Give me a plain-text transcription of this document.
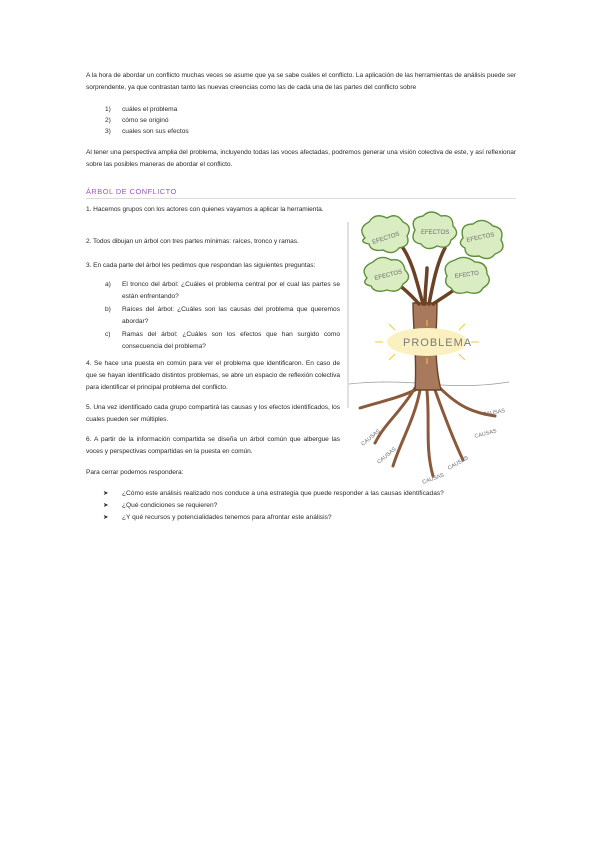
A la hora de abordar un conflicto muchas veces se asume que ya se sabe cuáles el conflicto. La aplicación de las herramientas de análisis puede ser sorprendente, ya que contrastan tanto las nuevas creencias como las de cada una de las partes del conflicto sobre
1)	cuáles el problema
2)	cómo se originó
3)	cuales son sus efectos
Al tener una perspectiva amplia del problema, incluyendo todas las voces afectadas, podremos generar una visión colectiva de este, y así reflexionar sobre las posibles maneras de abordar el conflicto.
ÁRBOL DE CONFLICTO
1. Hacemos grupos con los actores con quienes vayamos a aplicar la herramienta.
2. Todos dibujan un árbol con tres partes mínimas: raíces, tronco y ramas.
3. En cada parte del árbol les pedimos que respondan las siguientes preguntas:
a)	El tronco del árbol: ¿Cuáles el problema central por el cual las partes se están enfrentando?
b)	Raíces del árbol: ¿Cuáles son las causas del problema que queremos abordar?
c)	Ramas del árbol: ¿Cuáles son los efectos que han surgido como consecuencia del problema?
4. Se hace una puesta en común para ver el problema que identificaron. En caso de que se hayan identificado distintos problemas, se abre un espacio de reflexión colectiva para identificar el principal problema del conflicto.
5. Una vez identificado cada grupo compartirá las causas y los efectos identificados, los cuales pueden ser múltiples.
6. A partir de la información compartida se diseña un árbol común que albergue las voces y perspectivas compartidas en la puesta en común.
Para cerrar podemos respondera:
➤	¿Cómo este análisis realizado nos conduce a una estrategia que puede responder a las causas identificadas?
➤	¿Qué condiciones se requieren?
➤	¿Y qué recursos y potencialidades tenemos para afrontar este análisis?
EFECTOS	EFECTOS	EFECTOS
EFECTOS	EFECTO
PROBLEMA
CAUSAS
CAUSAS
CAUSAS
CAUSAS
CAUSAS
CAUSAS
